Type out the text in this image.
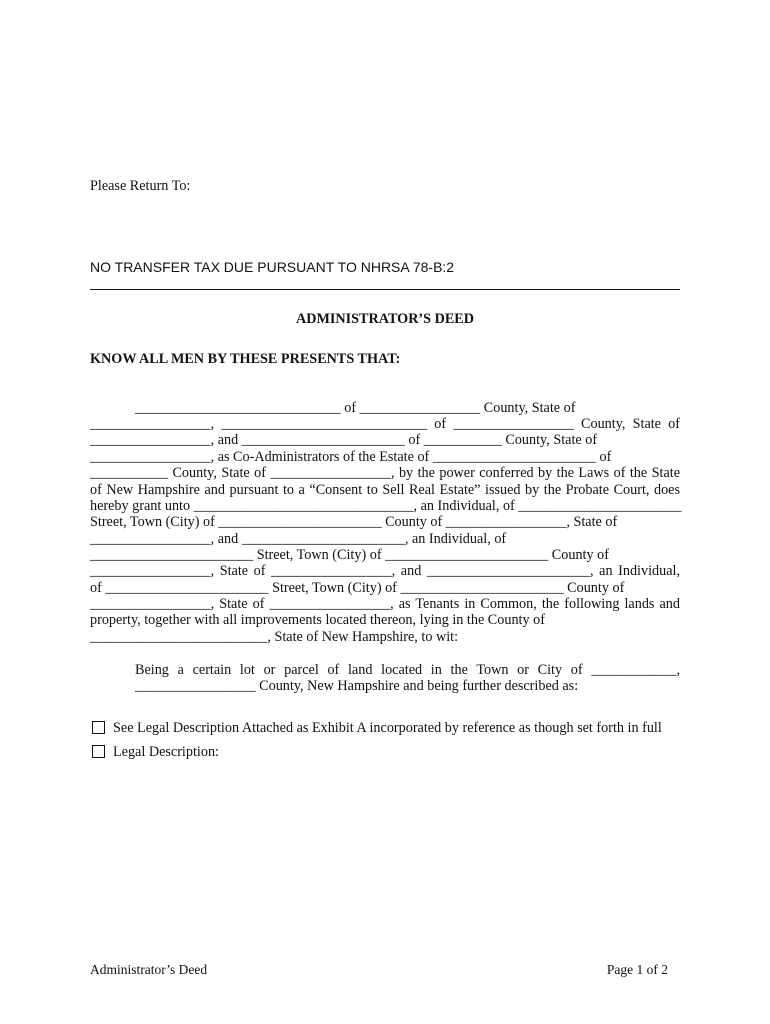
Please Return To:
NO TRANSFER TAX DUE PURSUANT TO NHRSA 78-B:2
ADMINISTRATOR’S DEED
KNOW ALL MEN BY THESE PRESENTS THAT:
_____________________________ of _________________ County, State of
_________________, _____________________________ of _________________ County, State of
_________________, and _______________________ of ___________ County, State of
_________________, as Co-Administrators of the Estate of _______________________ of
___________ County, State of _________________, by the power conferred by the Laws of the State
of New Hampshire and pursuant to a “Consent to Sell Real Estate” issued by the Probate Court, does
hereby grant unto _______________________________, an Individual, of _______________________
Street, Town (City) of _______________________ County of _________________, State of
_________________, and _______________________, an Individual, of
_______________________ Street, Town (City) of _______________________ County of
_________________, State of _________________, and _______________________, an Individual,
of _______________________ Street, Town (City) of _______________________ County of
_________________, State of _________________, as Tenants in Common, the following lands and
property, together with all improvements located thereon, lying in the County of
_________________________, State of New Hampshire, to wit:
Being a certain lot or parcel of land located in the Town or City of ____________,
_________________ County, New Hampshire and being further described as:
See Legal Description Attached as Exhibit A incorporated by reference as though set forth in full
Legal Description:
Administrator’s Deed	Page 1 of 2
